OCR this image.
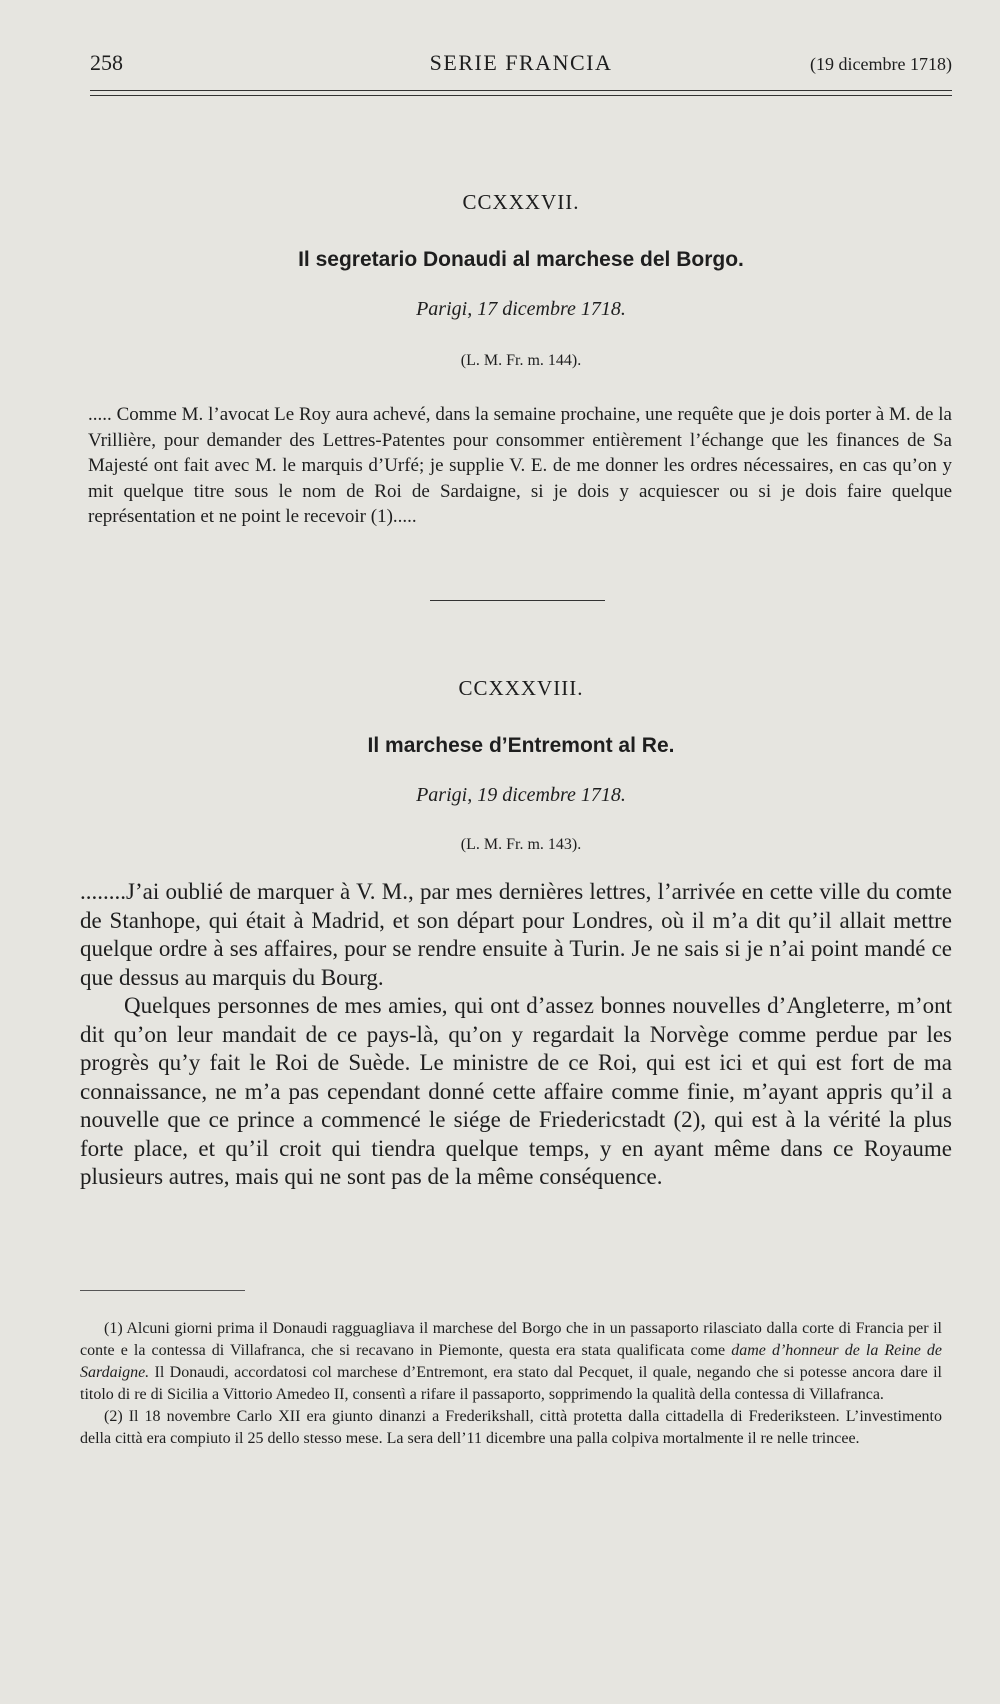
258	SERIE FRANCIA	(19 dicembre 1718)
CCXXXVII.
Il segretario Donaudi al marchese del Borgo.
Parigi, 17 dicembre 1718.
(L. M. Fr. m. 144).

..... Comme M. l’avocat Le Roy aura achevé, dans la semaine prochaine, une requête que je dois porter à M. de la Vrillière, pour demander des Lettres-Patentes pour consommer entièrement l’échange que les finances de Sa Majesté ont fait avec M. le marquis d’Urfé; je supplie V. E. de me donner les ordres nécessaires, en cas qu’on y mit quelque titre sous le nom de Roi de Sardaigne, si je dois y acquiescer ou si je dois faire quelque représentation et ne point le recevoir (1).....

CCXXXVIII.
Il marchese d’Entremont al Re.
Parigi, 19 dicembre 1718.
(L. M. Fr. m. 143).

........J’ai oublié de marquer à V. M., par mes dernières lettres, l’arrivée en cette ville du comte de Stanhope, qui était à Madrid, et son départ pour Londres, où il m’a dit qu’il allait mettre quelque ordre à ses affaires, pour se rendre ensuite à Turin. Je ne sais si je n’ai point mandé ce que dessus au marquis du Bourg.

Quelques personnes de mes amies, qui ont d’assez bonnes nouvelles d’Angleterre, m’ont dit qu’on leur mandait de ce pays-là, qu’on y regardait la Norvège comme perdue par les progrès qu’y fait le Roi de Suède. Le ministre de ce Roi, qui est ici et qui est fort de ma connaissance, ne m’a pas cependant donné cette affaire comme finie, m’ayant appris qu’il a nouvelle que ce prince a commencé le siége de Friedericstadt (2), qui est à la vérité la plus forte place, et qu’il croit qui tiendra quelque temps, y en ayant même dans ce Royaume plusieurs autres, mais qui ne sont pas de la même conséquence.

(1) Alcuni giorni prima il Donaudi ragguagliava il marchese del Borgo che in un passaporto rilasciato dalla corte di Francia per il conte e la contessa di Villafranca, che si recavano in Piemonte, questa era stata qualificata come dame d’honneur de la Reine de Sardaigne. Il Donaudi, accordatosi col marchese d’Entremont, era stato dal Pecquet, il quale, negando che si potesse ancora dare il titolo di re di Sicilia a Vittorio Amedeo II, consentì a rifare il passaporto, sopprimendo la qualità della contessa di Villafranca.

(2) Il 18 novembre Carlo XII era giunto dinanzi a Frederikshall, città protetta dalla cittadella di Frederiksteen. L’investimento della città era compiuto il 25 dello stesso mese. La sera dell’11 dicembre una palla colpiva mortalmente il re nelle trincee.
